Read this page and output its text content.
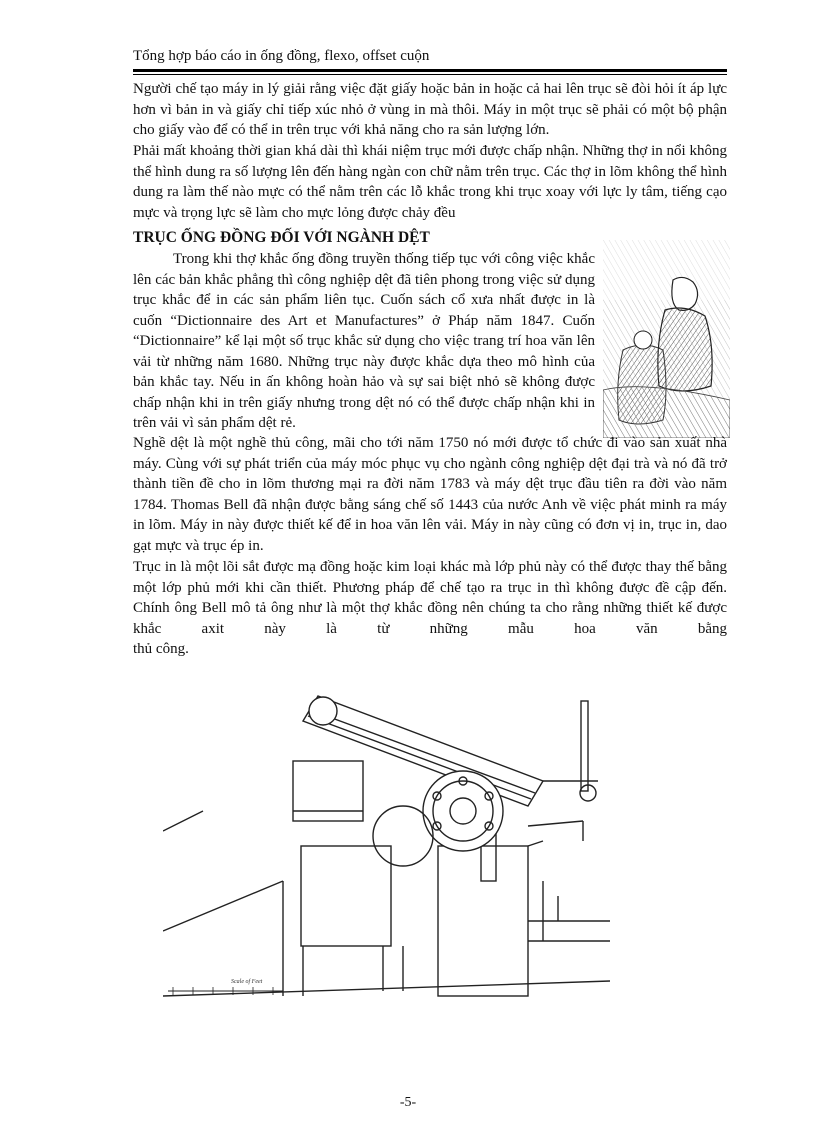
Tổng hợp báo cáo in ống đồng, flexo, offset cuộn
Người chế tạo máy in lý giải rằng việc đặt giấy hoặc bản in hoặc cả hai lên trục sẽ đòi hỏi ít áp lực hơn vì bản in và giấy chỉ tiếp xúc nhỏ ở vùng in mà thôi. Máy in một trục sẽ phải có một bộ phận cho giấy vào để có thể in trên trục với khả năng cho ra sản lượng lớn.
Phải mất khoảng thời gian khá dài thì khái niệm trục mới được chấp nhận. Những thợ in nổi không thể hình dung ra số lượng lên đến hàng ngàn con chữ nằm trên trục. Các thợ in lõm không thể hình dung ra làm thế nào mực có thể nằm trên các lỗ khắc trong khi trục xoay với lực ly tâm, tiếng cạo mực và trọng lực sẽ làm cho mực lỏng được chảy đều
TRỤC ỐNG ĐỒNG ĐỐI VỚI NGÀNH DỆT
Trong khi thợ khắc ống đồng truyền thống tiếp tục với công việc khắc lên các bản khắc phẳng thì công nghiệp dệt đã tiên phong trong việc sử dụng trục khắc để in các sản phẩm liên tục. Cuốn sách cổ xưa nhất được in là cuốn “Dictionnaire des Art et Manufactures” ở Pháp năm 1847. Cuốn “Dictionnaire” kể lại một số trục khắc sử dụng cho việc trang trí hoa văn lên vải từ những năm 1680. Những trục này được khắc dựa theo mô hình của bản khắc tay. Nếu in ấn không hoàn hảo và sự sai biệt nhỏ sẽ không được chấp nhận khi in trên giấy nhưng trong dệt nó có thể được chấp nhận khi in trên vải vì sản phẩm dệt rẻ.
Nghề dệt là một nghề thủ công, mãi cho tới năm 1750 nó mới được tổ chức đi vào sản xuất nhà máy. Cùng với sự phát triển của máy móc phục vụ cho ngành công nghiệp dệt đại trà và nó đã trở thành tiền đề cho in lõm thương mại ra đời năm 1783 và máy dệt trục đầu tiên ra đời vào năm 1784. Thomas Bell đã nhận được bằng sáng chế số 1443 của nước Anh về việc phát minh ra máy in lõm. Máy in này được thiết kế để in hoa văn lên vải. Máy in này cũng có đơn vị in, trục in, dao gạt mực và trục ép in.
Trục in là một lõi sắt được mạ đồng hoặc kim loại khác mà lớp phủ này có thể được thay thế bằng một lớp phủ mới khi cần thiết. Phương pháp để chế tạo ra trục in thì không được đề cập đến. Chính ông Bell mô tả ông như là một thợ khắc đồng nên chúng ta cho rằng những thiết kế được khắc axit này là từ những mẫu hoa văn bằng
thủ công.
Scale of Feet
-5-
